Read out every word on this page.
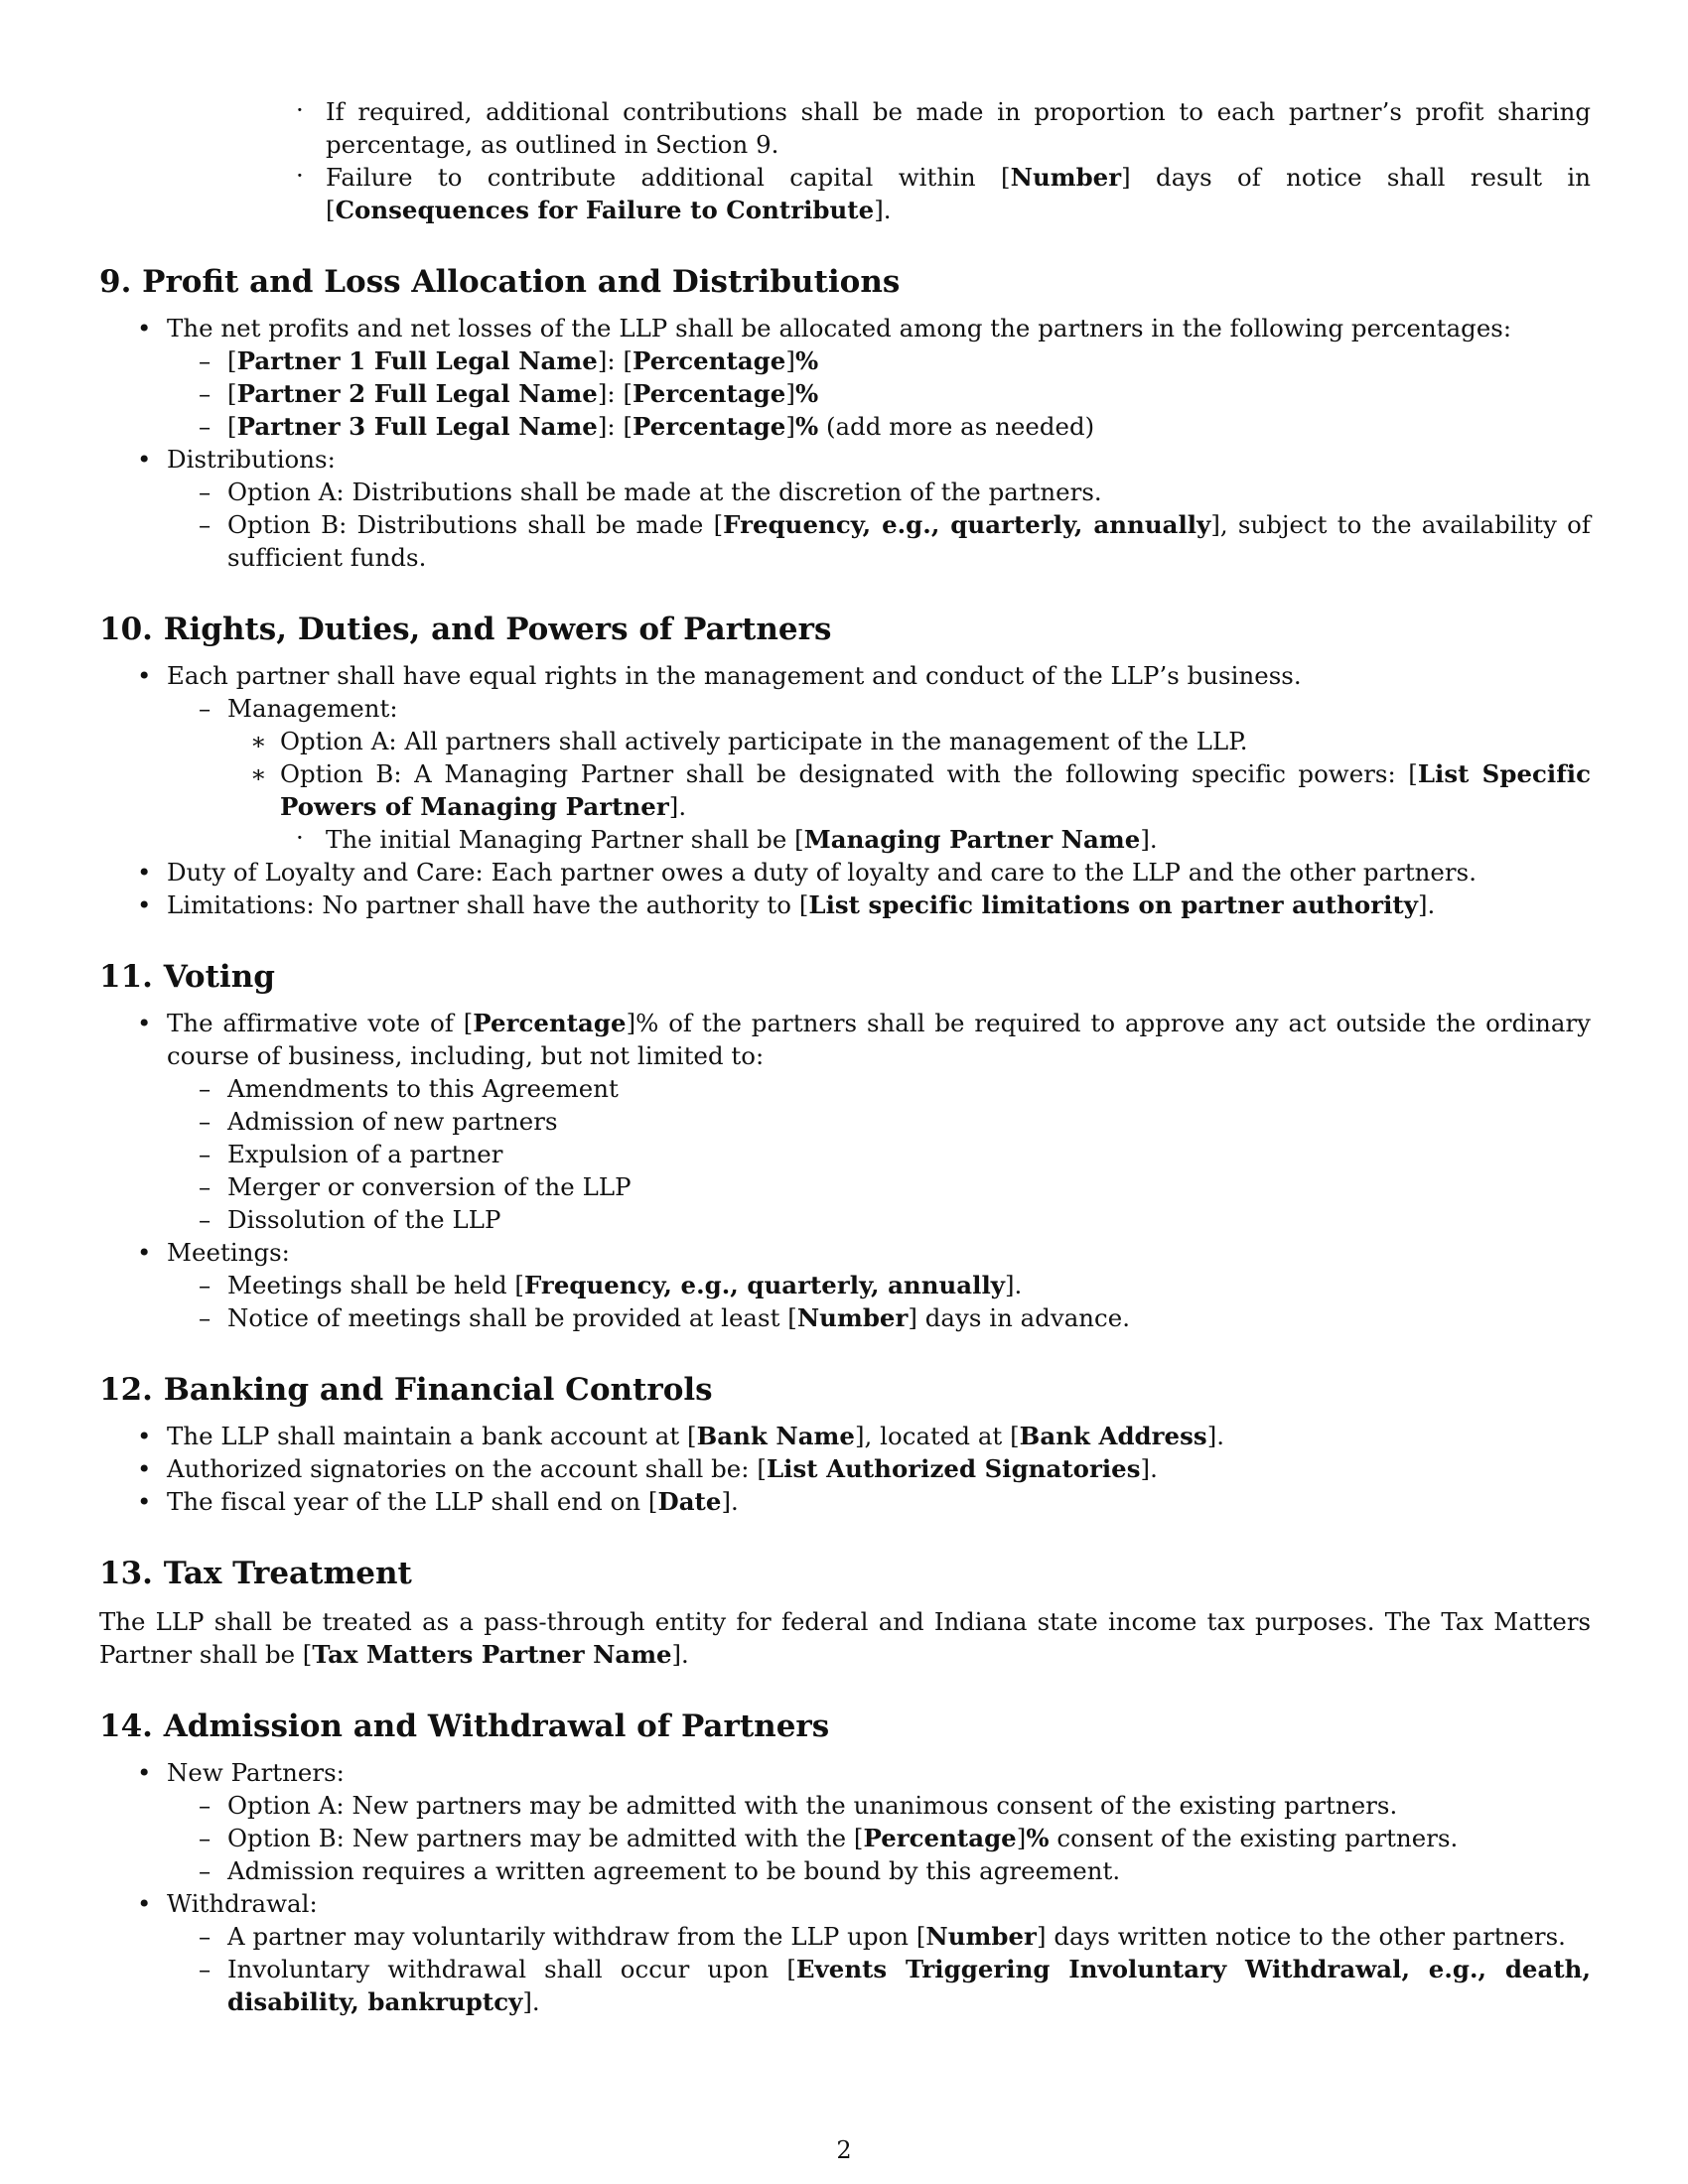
· If required, additional contributions shall be made in proportion to each partner’s profit sharing percentage, as outlined in Section 9.
· Failure to contribute additional capital within [Number] days of notice shall result in [Consequences for Failure to Contribute].
9. Profit and Loss Allocation and Distributions
• The net profits and net losses of the LLP shall be allocated among the partners in the following percentages:
– [Partner 1 Full Legal Name]: [Percentage]%
– [Partner 2 Full Legal Name]: [Percentage]%
– [Partner 3 Full Legal Name]: [Percentage]% (add more as needed)
• Distributions:
– Option A: Distributions shall be made at the discretion of the partners.
– Option B: Distributions shall be made [Frequency, e.g., quarterly, annually], subject to the availability of sufficient funds.
10. Rights, Duties, and Powers of Partners
• Each partner shall have equal rights in the management and conduct of the LLP’s business.
– Management:
∗ Option A: All partners shall actively participate in the management of the LLP.
∗ Option B: A Managing Partner shall be designated with the following specific powers: [List Specific Powers of Managing Partner].
· The initial Managing Partner shall be [Managing Partner Name].
• Duty of Loyalty and Care: Each partner owes a duty of loyalty and care to the LLP and the other partners.
• Limitations: No partner shall have the authority to [List specific limitations on partner authority].
11. Voting
• The affirmative vote of [Percentage]% of the partners shall be required to approve any act outside the ordinary course of business, including, but not limited to:
– Amendments to this Agreement
– Admission of new partners
– Expulsion of a partner
– Merger or conversion of the LLP
– Dissolution of the LLP
• Meetings:
– Meetings shall be held [Frequency, e.g., quarterly, annually].
– Notice of meetings shall be provided at least [Number] days in advance.
12. Banking and Financial Controls
• The LLP shall maintain a bank account at [Bank Name], located at [Bank Address].
• Authorized signatories on the account shall be: [List Authorized Signatories].
• The fiscal year of the LLP shall end on [Date].
13. Tax Treatment

The LLP shall be treated as a pass-through entity for federal and Indiana state income tax purposes. The Tax Matters Partner shall be [Tax Matters Partner Name].

14. Admission and Withdrawal of Partners
• New Partners:
– Option A: New partners may be admitted with the unanimous consent of the existing partners.
– Option B: New partners may be admitted with the [Percentage]% consent of the existing partners.
– Admission requires a written agreement to be bound by this agreement.
• Withdrawal:
– A partner may voluntarily withdraw from the LLP upon [Number] days written notice to the other partners.
– Involuntary withdrawal shall occur upon [Events Triggering Involuntary Withdrawal, e.g., death, disability, bankruptcy].
2
